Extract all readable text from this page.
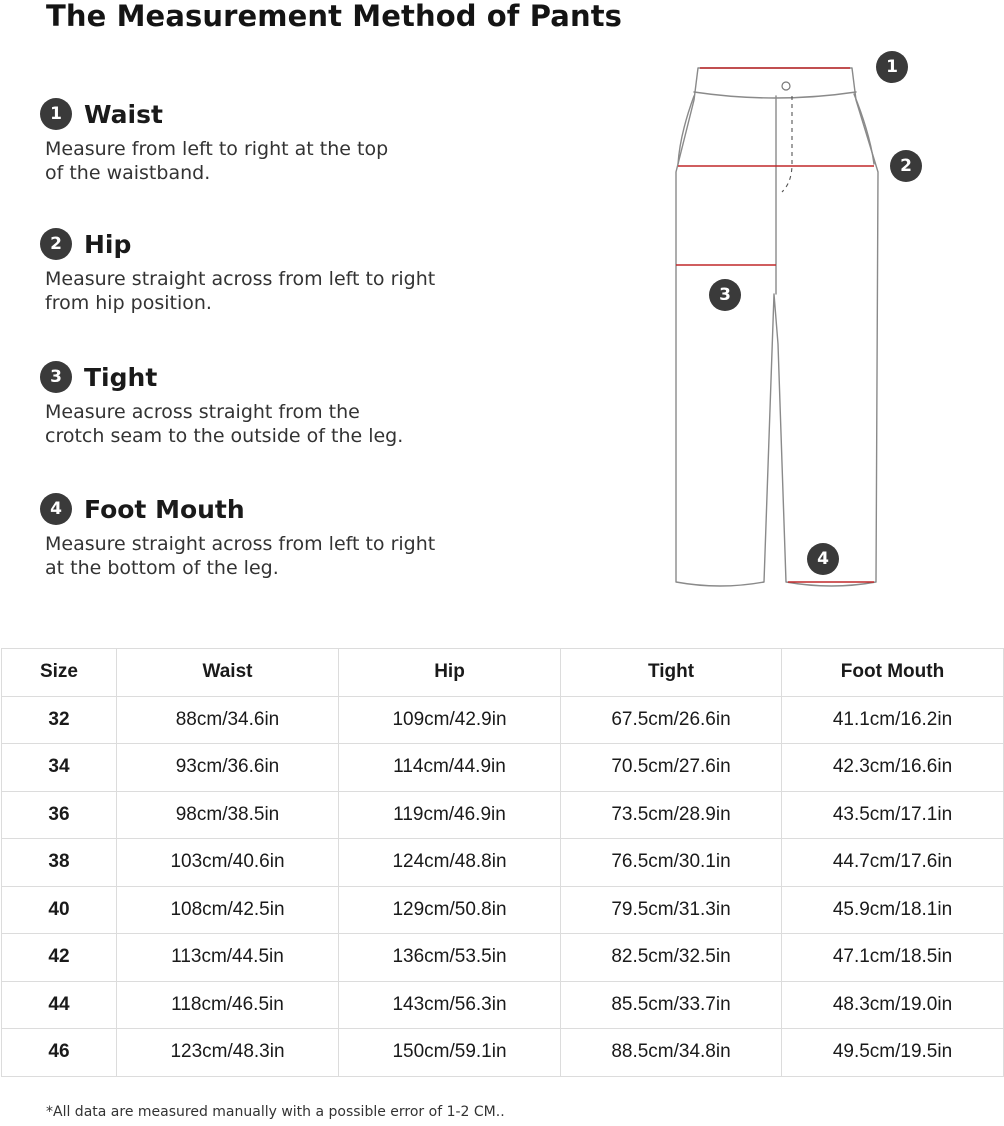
The Measurement Method of Pants
1 Waist
Measure from left to right at the top
of the waistband.
2 Hip
Measure straight across from left to right
from hip position.
3 Tight
Measure across straight from the
crotch seam to the outside of the leg.
4 Foot Mouth
Measure straight across from left to right
at the bottom of the leg.
1
2
3
4
Size	Waist	Hip	Tight	Foot Mouth
32	88cm/34.6in	109cm/42.9in	67.5cm/26.6in	41.1cm/16.2in
34	93cm/36.6in	114cm/44.9in	70.5cm/27.6in	42.3cm/16.6in
36	98cm/38.5in	119cm/46.9in	73.5cm/28.9in	43.5cm/17.1in
38	103cm/40.6in	124cm/48.8in	76.5cm/30.1in	44.7cm/17.6in
40	108cm/42.5in	129cm/50.8in	79.5cm/31.3in	45.9cm/18.1in
42	113cm/44.5in	136cm/53.5in	82.5cm/32.5in	47.1cm/18.5in
44	118cm/46.5in	143cm/56.3in	85.5cm/33.7in	48.3cm/19.0in
46	123cm/48.3in	150cm/59.1in	88.5cm/34.8in	49.5cm/19.5in
*All data are measured manually with a possible error of 1-2 CM..
